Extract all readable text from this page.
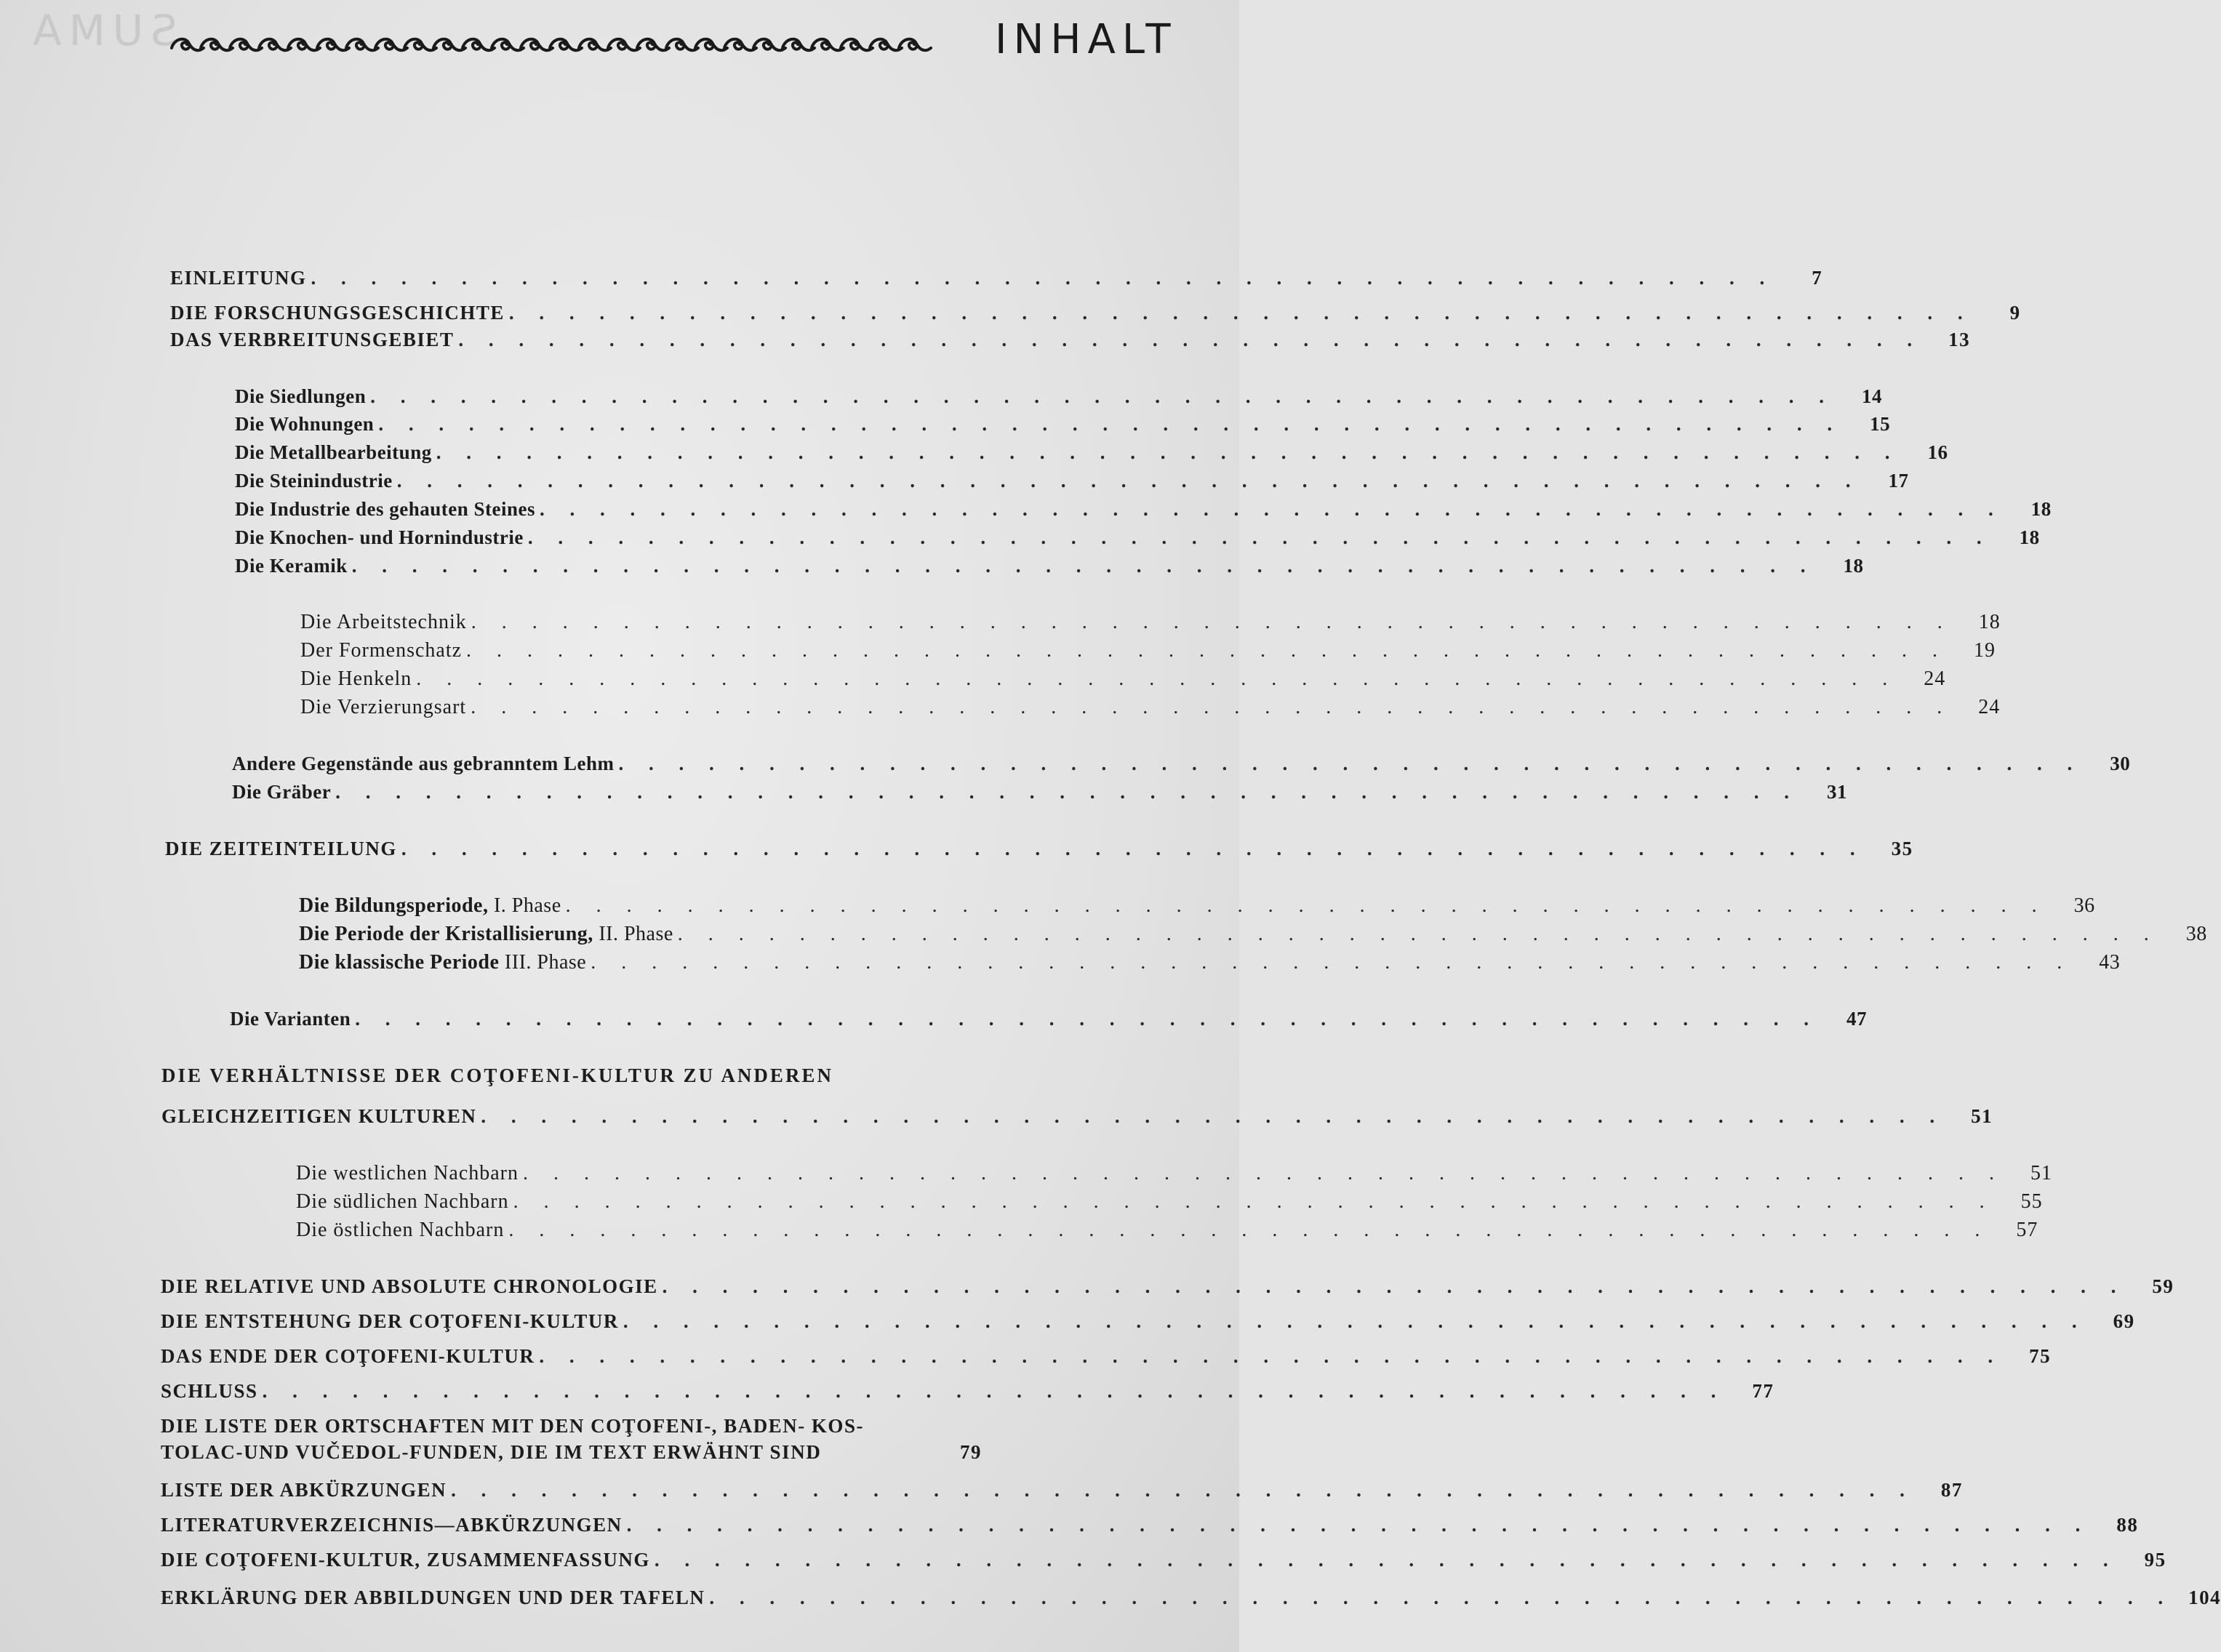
SUMA	INHALT
EINLEITUNG . . . . . . . . . . . . . . . . . . . . . . . . . . . . . . . . . . . . . . . . . . . . . . . . .	7
DIE FORSCHUNGSGESCHICHTE . . . . . . . . . . . . . . . . . . . . . . . . . . . . . . . . . . . . . . . . . . . . . . . . .	9
DAS VERBREITUNSGEBIET . . . . . . . . . . . . . . . . . . . . . . . . . . . . . . . . . . . . . . . . . . . . . . . . .	13
Die Siedlungen . . . . . . . . . . . . . . . . . . . . . . . . . . . . . . . . . . . . . . . . . . . . . . . . .	14
Die Wohnungen . . . . . . . . . . . . . . . . . . . . . . . . . . . . . . . . . . . . . . . . . . . . . . . . .	15
Die Metallbearbeitung . . . . . . . . . . . . . . . . . . . . . . . . . . . . . . . . . . . . . . . . . . . . . . . . .	16
Die Steinindustrie . . . . . . . . . . . . . . . . . . . . . . . . . . . . . . . . . . . . . . . . . . . . . . . . .	17
Die Industrie des gehauten Steines . . . . . . . . . . . . . . . . . . . . . . . . . . . . . . . . . . . . . . . . . . . . . . . . .	18
Die Knochen- und Hornindustrie . . . . . . . . . . . . . . . . . . . . . . . . . . . . . . . . . . . . . . . . . . . . . . . . .	18
Die Keramik . . . . . . . . . . . . . . . . . . . . . . . . . . . . . . . . . . . . . . . . . . . . . . . . .	18
Die Arbeitstechnik . . . . . . . . . . . . . . . . . . . . . . . . . . . . . . . . . . . . . . . . . . . . . . . . .	18
Der Formenschatz . . . . . . . . . . . . . . . . . . . . . . . . . . . . . . . . . . . . . . . . . . . . . . . . .	19
Die Henkeln . . . . . . . . . . . . . . . . . . . . . . . . . . . . . . . . . . . . . . . . . . . . . . . . .	24
Die Verzierungsart . . . . . . . . . . . . . . . . . . . . . . . . . . . . . . . . . . . . . . . . . . . . . . . . .	24
Andere Gegenstände aus gebranntem Lehm . . . . . . . . . . . . . . . . . . . . . . . . . . . . . . . . . . . . . . . . . . . . . . . . .	30
Die Gräber . . . . . . . . . . . . . . . . . . . . . . . . . . . . . . . . . . . . . . . . . . . . . . . . .	31
DIE ZEITEINTEILUNG . . . . . . . . . . . . . . . . . . . . . . . . . . . . . . . . . . . . . . . . . . . . . . . . .	35
Die Bildungsperiode, I. Phase . . . . . . . . . . . . . . . . . . . . . . . . . . . . . . . . . . . . . . . . . . . . . . . . .	36
Die Periode der Kristallisierung, II. Phase . . . . . . . . . . . . . . . . . . . . . . . . . . . . . . . . . . . . . . . . . . . . . . . . .	38
Die klassische Periode III. Phase . . . . . . . . . . . . . . . . . . . . . . . . . . . . . . . . . . . . . . . . . . . . . . . . .	43
Die Varianten . . . . . . . . . . . . . . . . . . . . . . . . . . . . . . . . . . . . . . . . . . . . . . . . .	47
DIE VERHÄLTNISSE DER COŢOFENI-KULTUR ZU ANDEREN
GLEICHZEITIGEN KULTUREN . . . . . . . . . . . . . . . . . . . . . . . . . . . . . . . . . . . . . . . . . . . . . . . . .	51
Die westlichen Nachbarn . . . . . . . . . . . . . . . . . . . . . . . . . . . . . . . . . . . . . . . . . . . . . . . . .	51
Die südlichen Nachbarn . . . . . . . . . . . . . . . . . . . . . . . . . . . . . . . . . . . . . . . . . . . . . . . . .	55
Die östlichen Nachbarn . . . . . . . . . . . . . . . . . . . . . . . . . . . . . . . . . . . . . . . . . . . . . . . . .	57
DIE RELATIVE UND ABSOLUTE CHRONOLOGIE . . . . . . . . . . . . . . . . . . . . . . . . . . . . . . . . . . . . . . . . . . . . . . . . .	59
DIE ENTSTEHUNG DER COŢOFENI-KULTUR . . . . . . . . . . . . . . . . . . . . . . . . . . . . . . . . . . . . . . . . . . . . . . . . .	69
DAS ENDE DER COŢOFENI-KULTUR . . . . . . . . . . . . . . . . . . . . . . . . . . . . . . . . . . . . . . . . . . . . . . . . .	75
SCHLUSS . . . . . . . . . . . . . . . . . . . . . . . . . . . . . . . . . . . . . . . . . . . . . . . . .	77
DIE LISTE DER ORTSCHAFTEN MIT DEN COŢOFENI-, BADEN- KOS-
TOLAC-UND VUČEDOL-FUNDEN, DIE IM TEXT ERWÄHNT SIND	79
LISTE DER ABKÜRZUNGEN . . . . . . . . . . . . . . . . . . . . . . . . . . . . . . . . . . . . . . . . . . . . . . . . .	87
LITERATURVERZEICHNIS—ABKÜRZUNGEN . . . . . . . . . . . . . . . . . . . . . . . . . . . . . . . . . . . . . . . . . . . . . . . . .	88
DIE COŢOFENI-KULTUR, ZUSAMMENFASSUNG . . . . . . . . . . . . . . . . . . . . . . . . . . . . . . . . . . . . . . . . . . . . . . . . .	95
ERKLÄRUNG DER ABBILDUNGEN UND DER TAFELN . . . . . . . . . . . . . . . . . . . . . . . . . . . . . . . . . . . . . . . . . . . . . . . . . 104
